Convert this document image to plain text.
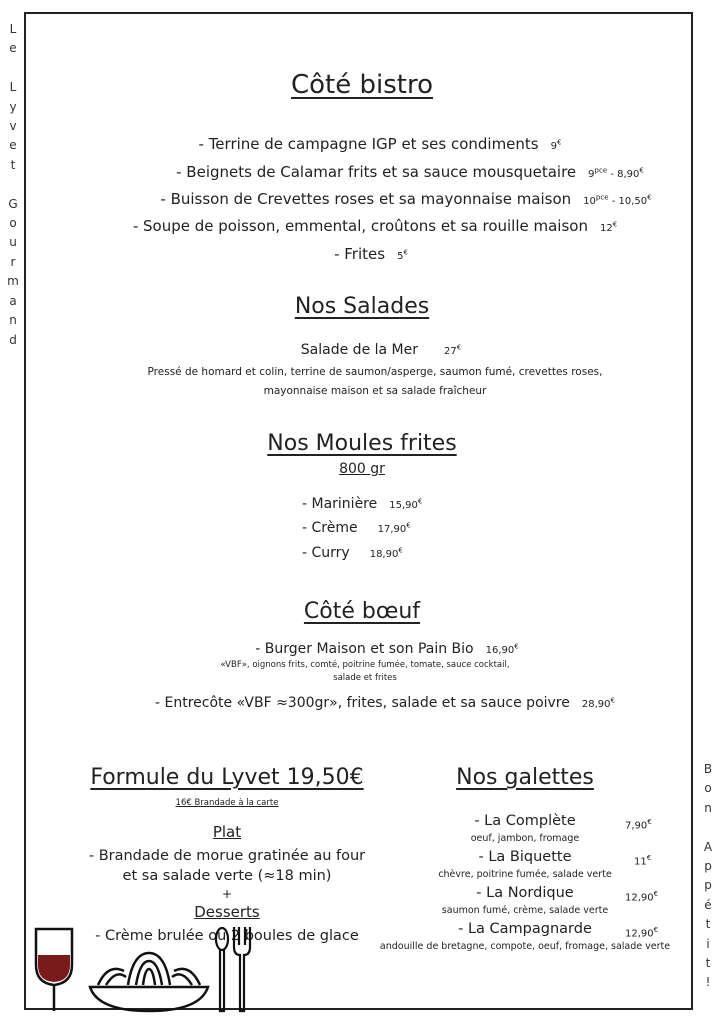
L
e

L
y
v
e
t

G
o
u
r
m
a
n
d
B
o
n

A
p
p
é
t
i
t
!
Côté bistro
- Terrine de campagne IGP et ses condiments 9€
- Beignets de Calamar frits et sa sauce mousquetaire $9^{pce} - 8,90^€$
- Buisson de Crevettes roses et sa mayonnaise maison $10^{pce} - 10,50^€$
- Soupe de poisson, emmental, croûtons et sa rouille maison 12€
- Frites 5€
Nos Salades
Salade de la Mer	27€
Pressé de homard et colin, terrine de saumon/asperge, saumon fumé, crevettes roses,
mayonnaise maison et sa salade fraîcheur
Nos Moules frites
800 gr
- Marinière 15,90€
- Crème 17,90€
- Curry 18,90€
Côté bœuf
- Burger Maison et son Pain Bio 16,90€
«VBF», oignons frits, comté, poitrine fumée, tomate, sauce cocktail,
salade et frites
- Entrecôte «VBF ≈300gr», frites, salade et sa sauce poivre 28,90€
Formule du Lyvet 19,50€
16€ Brandade à la carte
Plat
- Brandade de morue gratinée au four
et sa salade verte (≈18 min)
+
Desserts
- Crème brulée ou 2 boules de glace
Nos galettes
- La Complète	7,90€
oeuf, jambon, fromage
- La Biquette	11€
chèvre, poitrine fumée, salade verte
- La Nordique	12,90€
saumon fumé, crème, salade verte
- La Campagnarde	12,90€
andouille de bretagne, compote, oeuf, fromage, salade verte
